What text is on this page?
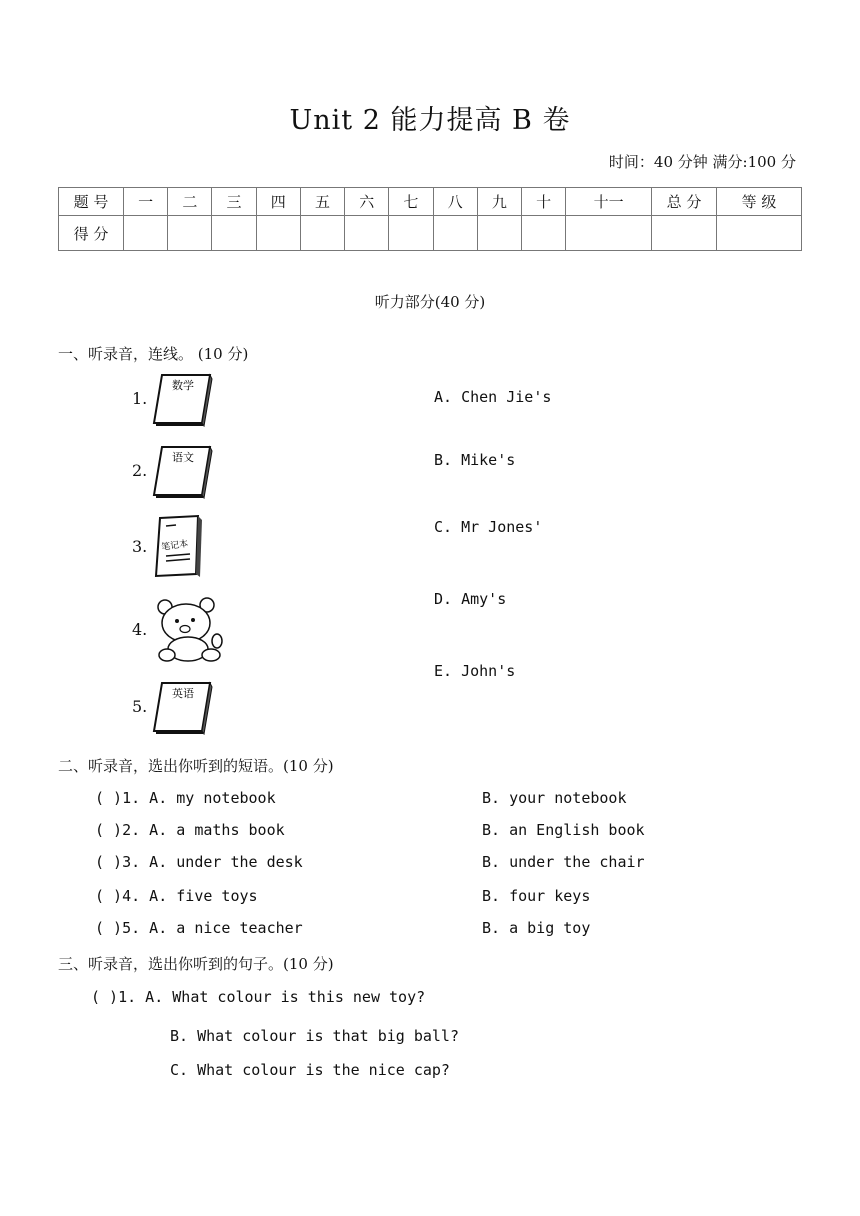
Unit 2 能力提高 B 卷
时间：40 分钟 满分:100 分
题 号	一	二	三	四	五	六	七	八	九	十	十一	总 分	等 级
得 分													
听力部分(40 分)
一、听录音，连线。 (10 分)
1.
数学
2.
语文
3. 笔记本
4.
5.
英语
A. Chen Jie's
B. Mike's
C. Mr Jones'
D. Amy's
E. John's
二、听录音，选出你听到的短语。(10 分)
( )1. A. my notebook	B. your notebook
( )2. A. a maths book	B. an English book
( )3. A. under the desk	B. under the chair
( )4. A. five toys	B. four keys
( )5. A. a nice teacher	B. a big toy
三、听录音，选出你听到的句子。(10 分)
( )1. A. What colour is this new toy?
B. What colour is that big ball?
C. What colour is the nice cap?
